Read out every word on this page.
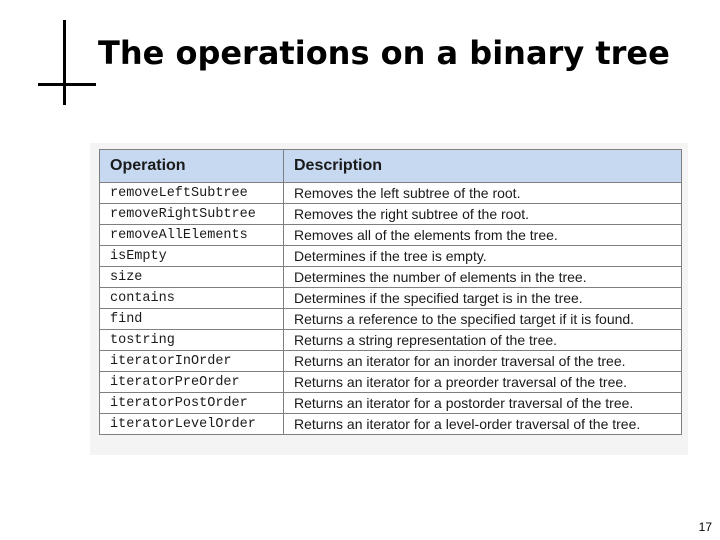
The operations on a binary tree
Operation	Description
removeLeftSubtree	Removes the left subtree of the root.
removeRightSubtree	Removes the right subtree of the root.
removeAllElements	Removes all of the elements from the tree.
isEmpty	Determines if the tree is empty.
size	Determines the number of elements in the tree.
contains	Determines if the specified target is in the tree.
find	Returns a reference to the specified target if it is found.
tostring	Returns a string representation of the tree.
iteratorInOrder	Returns an iterator for an inorder traversal of the tree.
iteratorPreOrder	Returns an iterator for a preorder traversal of the tree.
iteratorPostOrder	Returns an iterator for a postorder traversal of the tree.
iteratorLevelOrder	Returns an iterator for a level-order traversal of the tree.
17
